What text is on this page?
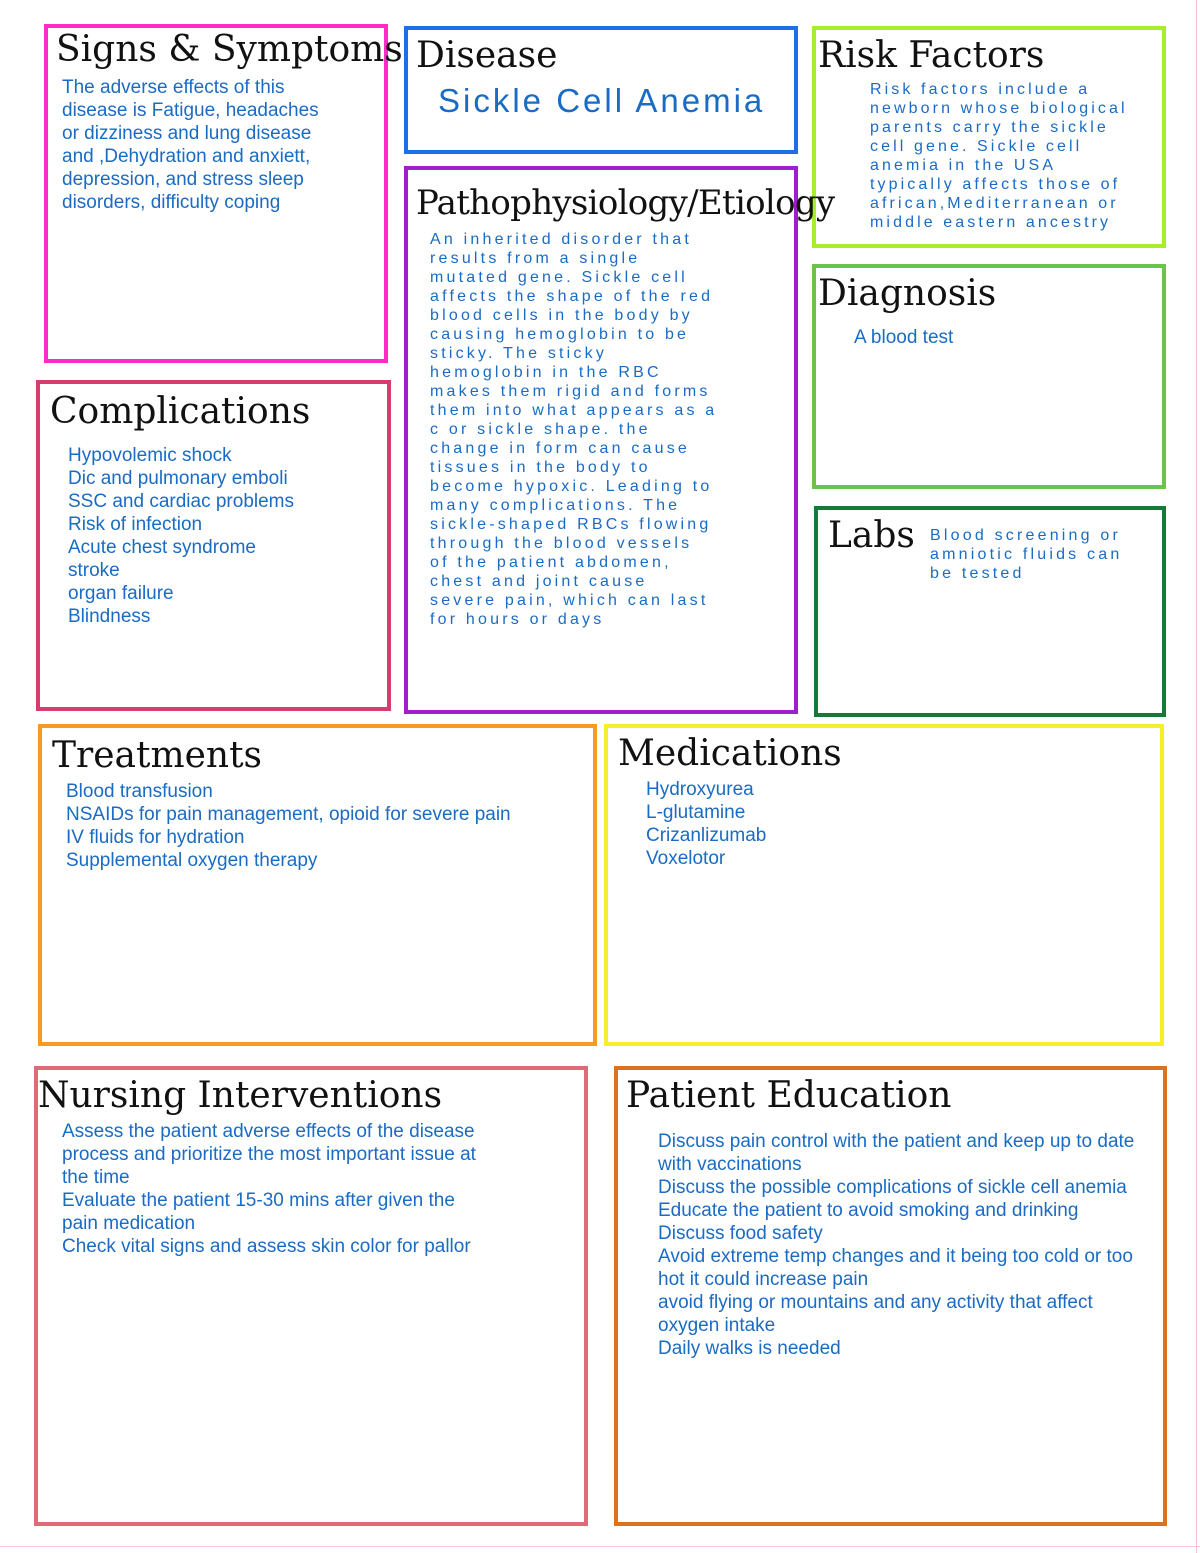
Signs & Symptoms

The adverse effects of this
disease is Fatigue, headaches
or dizziness and lung disease
and ,Dehydration and anxiett,
depression, and stress sleep
disorders, difficulty coping

Disease

Sickle Cell Anemia

Risk Factors

Risk factors include a
newborn whose biological
parents carry the sickle
cell gene. Sickle cell
anemia in the USA
typically affects those of
african,Mediterranean or
middle eastern ancestry

Pathophysiology/Etiology

An inherited disorder that
results from a single
mutated gene. Sickle cell
affects the shape of the red
blood cells in the body by
causing hemoglobin to be
sticky. The sticky
hemoglobin in the RBC
makes them rigid and forms
them into what appears as a
c or sickle shape. the
change in form can cause
tissues in the body to
become hypoxic. Leading to
many complications. The
sickle-shaped RBCs flowing
through the blood vessels
of the patient abdomen,
chest and joint cause
severe pain, which can last
for hours or days

Diagnosis

A blood test

Complications
Hypovolemic shock
Dic and pulmonary emboli
SSC and cardiac problems
Risk of infection
Acute chest syndrome
stroke
organ failure
Blindness
Labs Blood screening or
amniotic fluids can
be tested

Treatments
Blood transfusion
NSAIDs for pain management, opioid for severe pain
IV fluids for hydration
Supplemental oxygen therapy
Medications
Hydroxyurea
L-glutamine
Crizanlizumab
Voxelotor
Nursing Interventions
Assess the patient adverse effects of the disease
process and prioritize the most important issue at
the time
Evaluate the patient 15-30 mins after given the
pain medication
Check vital signs and assess skin color for pallor
Patient Education
Discuss pain control with the patient and keep up to date
with vaccinations
Discuss the possible complications of sickle cell anemia
Educate the patient to avoid smoking and drinking
Discuss food safety
Avoid extreme temp changes and it being too cold or too
hot it could increase pain
avoid flying or mountains and any activity that affect
oxygen intake
Daily walks is needed
